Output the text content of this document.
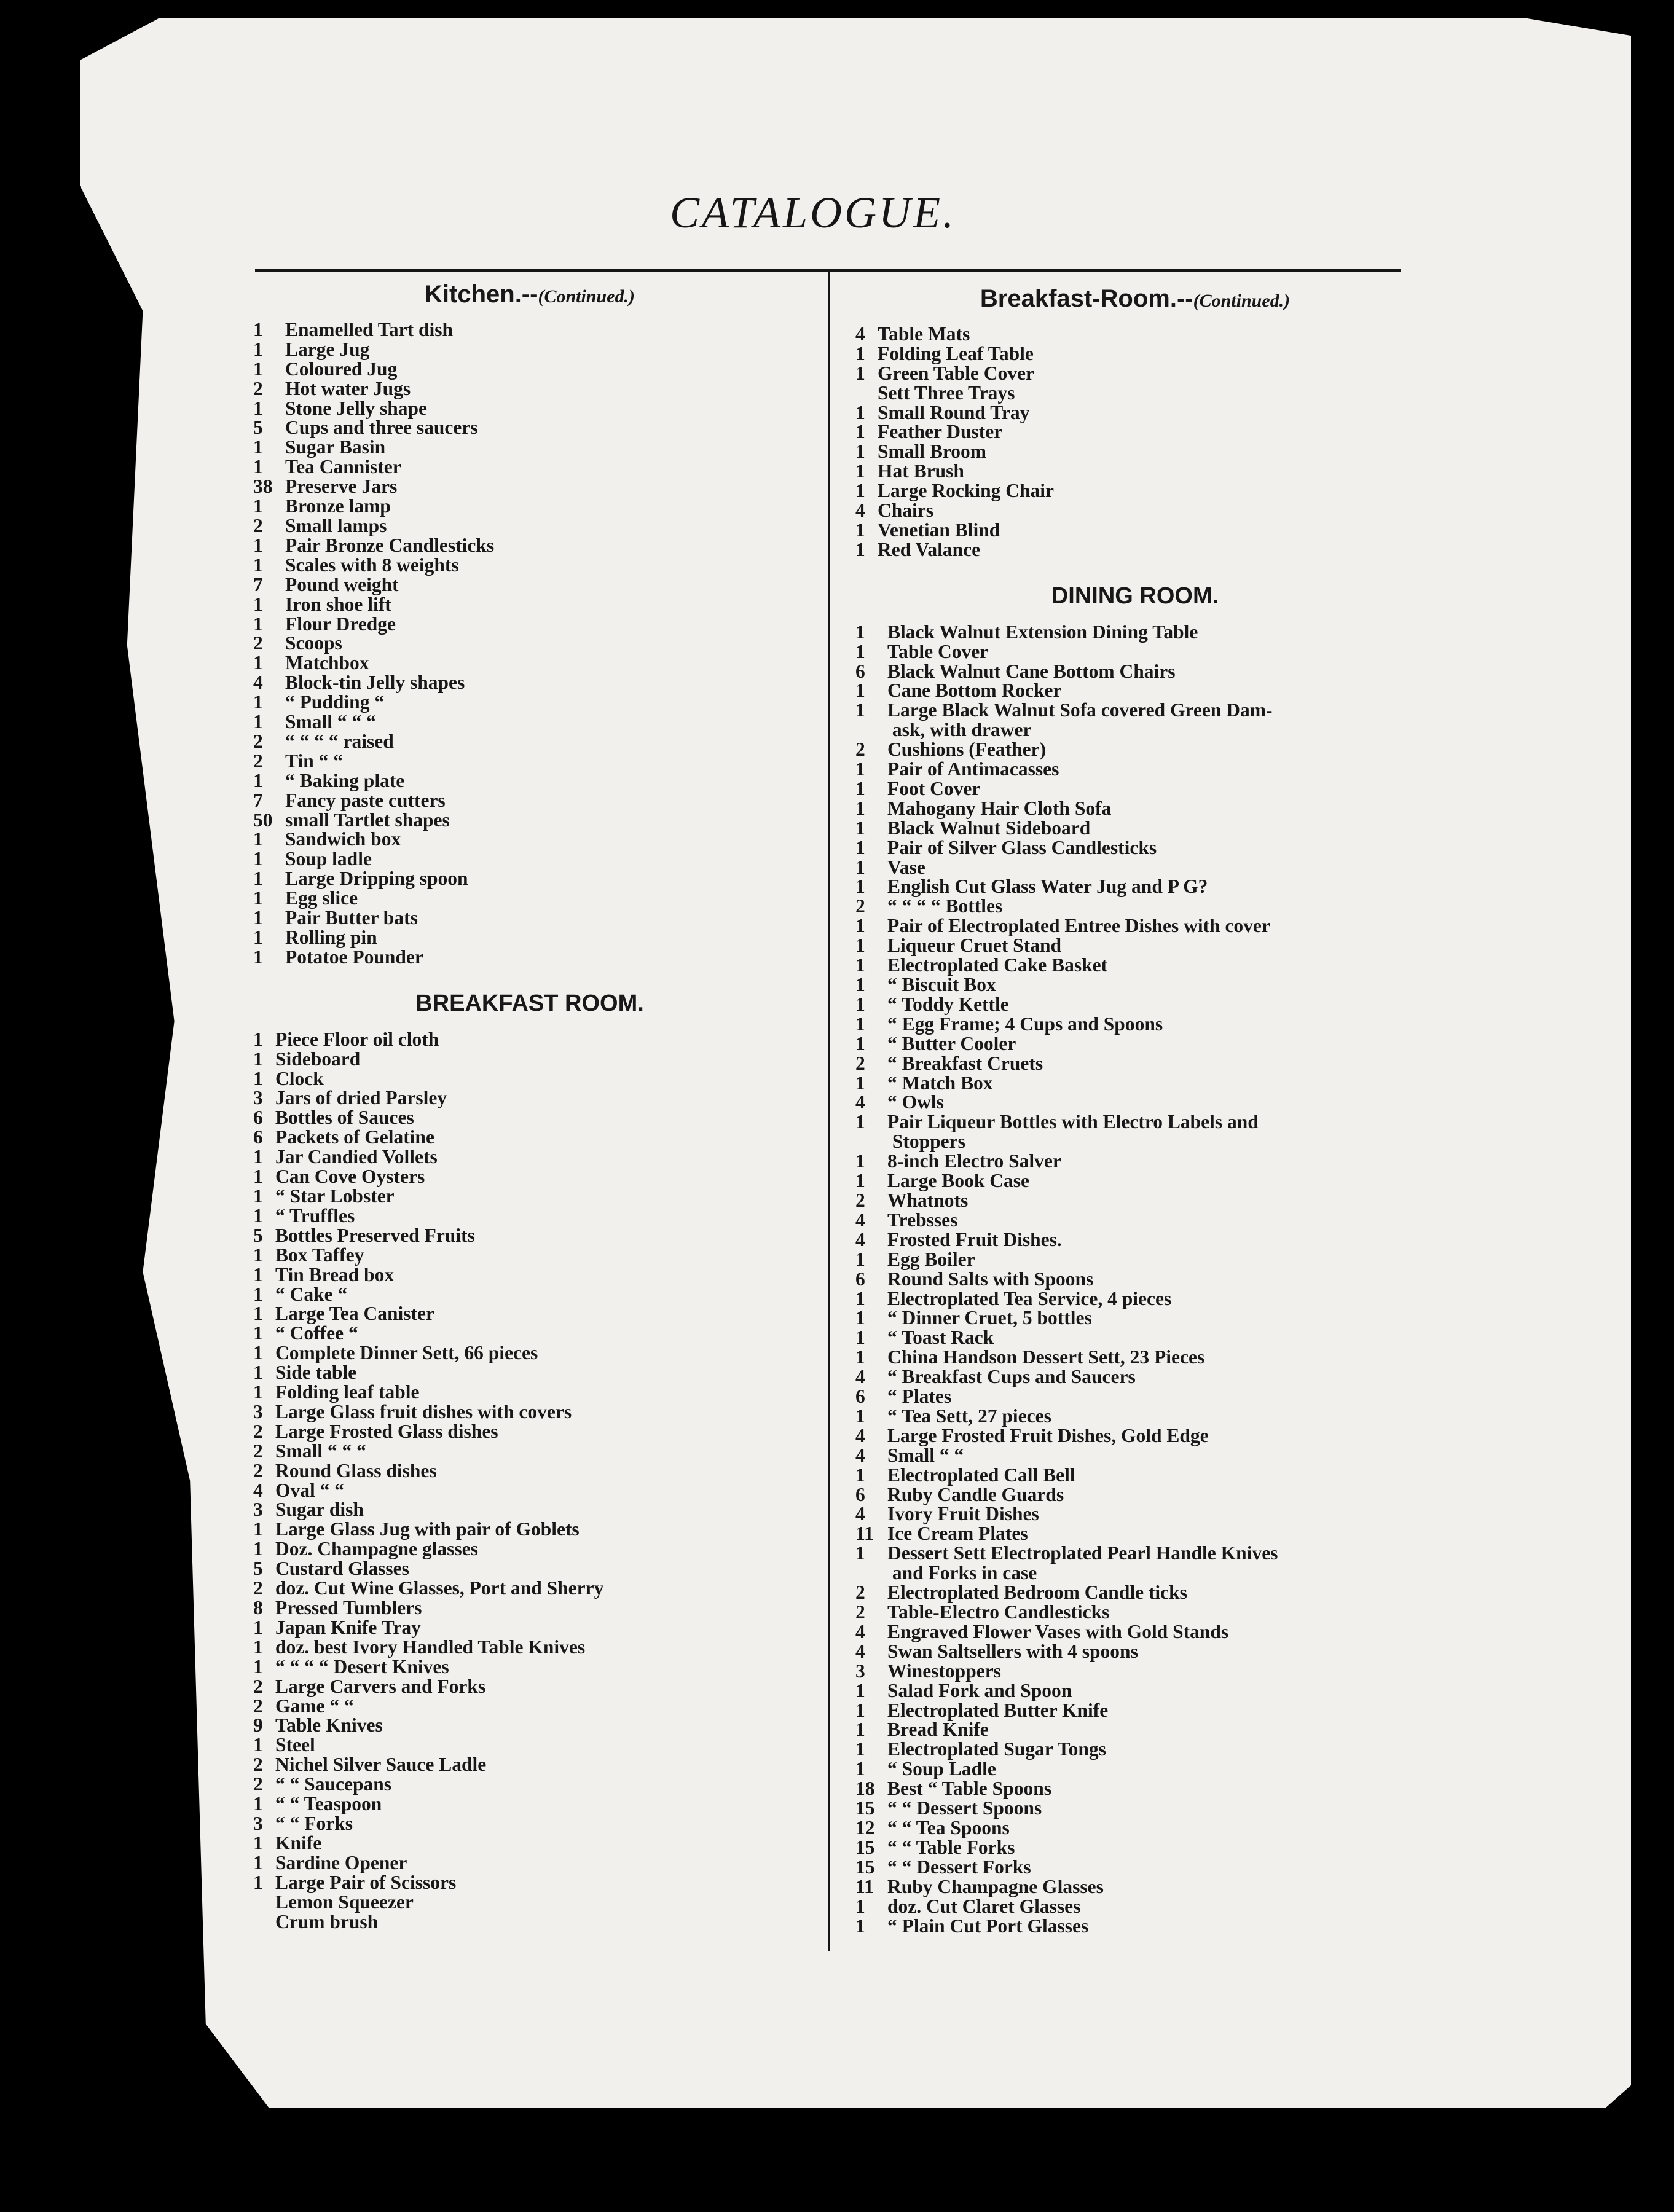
CATALOGUE.
Kitchen.--(Continued.)
1 Enamelled Tart dish
1 Large Jug
1 Coloured Jug
2 Hot water Jugs
1 Stone Jelly shape
5 Cups and three saucers
1 Sugar Basin
1 Tea Cannister
38 Preserve Jars
1 Bronze lamp
2 Small lamps
1 Pair Bronze Candlesticks
1 Scales with 8 weights
7 Pound weight
1 Iron shoe lift
1 Flour Dredge
2 Scoops
1 Matchbox
4 Block-tin Jelly shapes
1 “ Pudding “
1 Small “ “ “
2 “ “ “ “ raised
2 Tin “ “
1 “ Baking plate
7 Fancy paste cutters
50 small Tartlet shapes
1 Sandwich box
1 Soup ladle
1 Large Dripping spoon
1 Egg slice
1 Pair Butter bats
1 Rolling pin
1 Potatoe Pounder
BREAKFAST ROOM.
1 Piece Floor oil cloth
1 Sideboard
1 Clock
3 Jars of dried Parsley
6 Bottles of Sauces
6 Packets of Gelatine
1 Jar Candied Vollets
1 Can Cove Oysters
1 “ Star Lobster
1 “ Truffles
5 Bottles Preserved Fruits
1 Box Taffey
1 Tin Bread box
1 “ Cake “
1 Large Tea Canister
1 “ Coffee “
1 Complete Dinner Sett, 66 pieces
1 Side table
1 Folding leaf table
3 Large Glass fruit dishes with covers
2 Large Frosted Glass dishes
2 Small “ “ “
2 Round Glass dishes
4 Oval “ “
3 Sugar dish
1 Large Glass Jug with pair of Goblets
1 Doz. Champagne glasses
5 Custard Glasses
2 doz. Cut Wine Glasses, Port and Sherry
8 Pressed Tumblers
1 Japan Knife Tray
1 doz. best Ivory Handled Table Knives
1 “ “ “ “ Desert Knives
2 Large Carvers and Forks
2 Game “ “
9 Table Knives
1 Steel
2 Nichel Silver Sauce Ladle
2 “ “ Saucepans
1 “ “ Teaspoon
3 “ “ Forks
1 Knife
1 Sardine Opener
1 Large Pair of Scissors
Lemon Squeezer
Crum brush
Breakfast-Room.--(Continued.)
4 Table Mats
1 Folding Leaf Table
1 Green Table Cover
Sett Three Trays
1 Small Round Tray
1 Feather Duster
1 Small Broom
1 Hat Brush
1 Large Rocking Chair
4 Chairs
1 Venetian Blind
1 Red Valance
DINING ROOM.
1 Black Walnut Extension Dining Table
1 Table Cover
6 Black Walnut Cane Bottom Chairs
1 Cane Bottom Rocker
1 Large Black Walnut Sofa covered Green Dam-
ask, with drawer
2 Cushions (Feather)
1 Pair of Antimacasses
1 Foot Cover
1 Mahogany Hair Cloth Sofa
1 Black Walnut Sideboard
1 Pair of Silver Glass Candlesticks
1 Vase
1 English Cut Glass Water Jug and P G?
2 “ “ “ “ Bottles
1 Pair of Electroplated Entree Dishes with cover
1 Liqueur Cruet Stand
1 Electroplated Cake Basket
1 “ Biscuit Box
1 “ Toddy Kettle
1 “ Egg Frame; 4 Cups and Spoons
1 “ Butter Cooler
2 “ Breakfast Cruets
1 “ Match Box
4 “ Owls
1 Pair Liqueur Bottles with Electro Labels and
Stoppers
1 8-inch Electro Salver
1 Large Book Case
2 Whatnots
4 Trebsses
4 Frosted Fruit Dishes.
1 Egg Boiler
6 Round Salts with Spoons
1 Electroplated Tea Service, 4 pieces
1 “ Dinner Cruet, 5 bottles
1 “ Toast Rack
1 China Handson Dessert Sett, 23 Pieces
4 “ Breakfast Cups and Saucers
6 “ Plates
1 “ Tea Sett, 27 pieces
4 Large Frosted Fruit Dishes, Gold Edge
4 Small “ “
1 Electroplated Call Bell
6 Ruby Candle Guards
4 Ivory Fruit Dishes
11 Ice Cream Plates
1 Dessert Sett Electroplated Pearl Handle Knives
and Forks in case
2 Electroplated Bedroom Candle ticks
2 Table-Electro Candlesticks
4 Engraved Flower Vases with Gold Stands
4 Swan Saltsellers with 4 spoons
3 Winestoppers
1 Salad Fork and Spoon
1 Electroplated Butter Knife
1 Bread Knife
1 Electroplated Sugar Tongs
1 “ Soup Ladle
18 Best “ Table Spoons
15 “ “ Dessert Spoons
12 “ “ Tea Spoons
15 “ “ Table Forks
15 “ “ Dessert Forks
11 Ruby Champagne Glasses
1 doz. Cut Claret Glasses
1 “ Plain Cut Port Glasses
